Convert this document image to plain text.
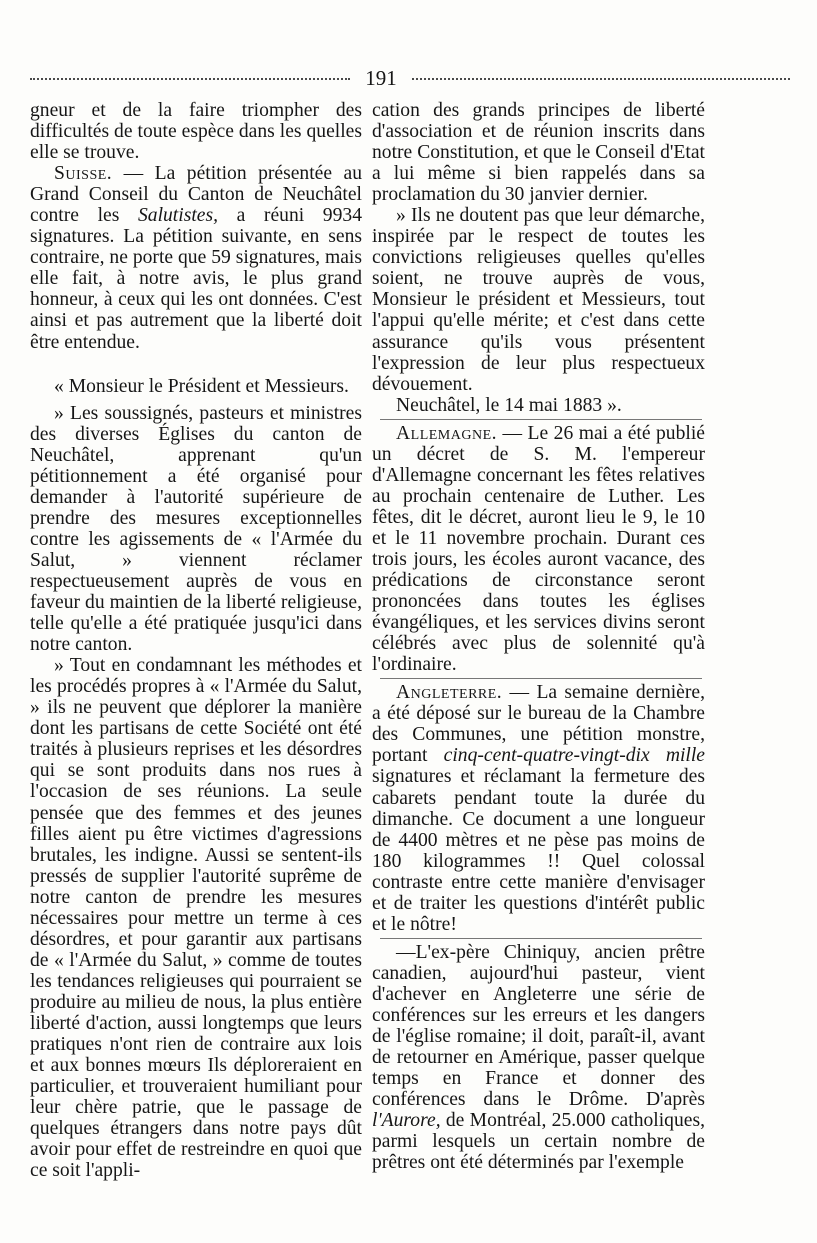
191

gneur et de la faire triompher des difficultés de toute espèce dans les quelles elle se trouve.

Suisse. — La pétition présentée au Grand Conseil du Canton de Neuchâtel contre les Salutistes, a réuni 9934 signatures. La pétition suivante, en sens contraire, ne porte que 59 signatures, mais elle fait, à notre avis, le plus grand honneur, à ceux qui les ont données. C'est ainsi et pas autrement que la liberté doit être entendue.

« Monsieur le Président et Messieurs.

» Les soussignés, pasteurs et ministres des diverses Églises du canton de Neuchâtel, apprenant qu'un pétitionnement a été organisé pour demander à l'autorité supérieure de prendre des mesures exceptionnelles contre les agissements de « l'Armée du Salut, » viennent réclamer respectueusement auprès de vous en faveur du maintien de la liberté religieuse, telle qu'elle a été pratiquée jusqu'ici dans notre canton.

» Tout en condamnant les méthodes et les procédés propres à « l'Armée du Salut, » ils ne peuvent que déplorer la manière dont les partisans de cette Société ont été traités à plusieurs reprises et les désordres qui se sont produits dans nos rues à l'occasion de ses réunions. La seule pensée que des femmes et des jeunes filles aient pu être victimes d'agressions brutales, les indigne. Aussi se sentent-ils pressés de supplier l'autorité suprême de notre canton de prendre les mesures nécessaires pour mettre un terme à ces désordres, et pour garantir aux partisans de « l'Armée du Salut, » comme de toutes les tendances religieuses qui pourraient se produire au milieu de nous, la plus entière liberté d'action, aussi longtemps que leurs pratiques n'ont rien de contraire aux lois et aux bonnes mœurs Ils déploreraient en particulier, et trouveraient humiliant pour leur chère patrie, que le passage de quelques étrangers dans notre pays dût avoir pour effet de restreindre en quoi que ce soit l'appli-

cation des grands principes de liberté d'association et de réunion inscrits dans notre Constitution, et que le Conseil d'Etat a lui même si bien rappelés dans sa proclamation du 30 janvier dernier.

» Ils ne doutent pas que leur démarche, inspirée par le respect de toutes les convictions religieuses quelles qu'elles soient, ne trouve auprès de vous, Monsieur le président et Messieurs, tout l'appui qu'elle mérite; et c'est dans cette assurance qu'ils vous présentent l'expression de leur plus respectueux dévouement.

Neuchâtel, le 14 mai 1883 ».

Allemagne. — Le 26 mai a été publié un décret de S. M. l'empereur d'Allemagne concernant les fêtes relatives au prochain centenaire de Luther. Les fêtes, dit le décret, auront lieu le 9, le 10 et le 11 novembre prochain. Durant ces trois jours, les écoles auront vacance, des prédications de circonstance seront prononcées dans toutes les églises évangéliques, et les services divins seront célébrés avec plus de solennité qu'à l'ordinaire.

Angleterre. — La semaine dernière, a été déposé sur le bureau de la Chambre des Communes, une pétition monstre, portant cinq-cent-quatre-vingt-dix mille signatures et réclamant la fermeture des cabarets pendant toute la durée du dimanche. Ce document a une longueur de 4400 mètres et ne pèse pas moins de 180 kilogrammes !! Quel colossal contraste entre cette manière d'envisager et de traiter les questions d'intérêt public et le nôtre!

—L'ex-père Chiniquy, ancien prêtre canadien, aujourd'hui pasteur, vient d'achever en Angleterre une série de conférences sur les erreurs et les dangers de l'église romaine; il doit, paraît-il, avant de retourner en Amérique, passer quelque temps en France et donner des conférences dans le Drôme. D'après l'Aurore, de Montréal, 25.000 catholiques, parmi lesquels un certain nombre de prêtres ont été déterminés par l'exemple
